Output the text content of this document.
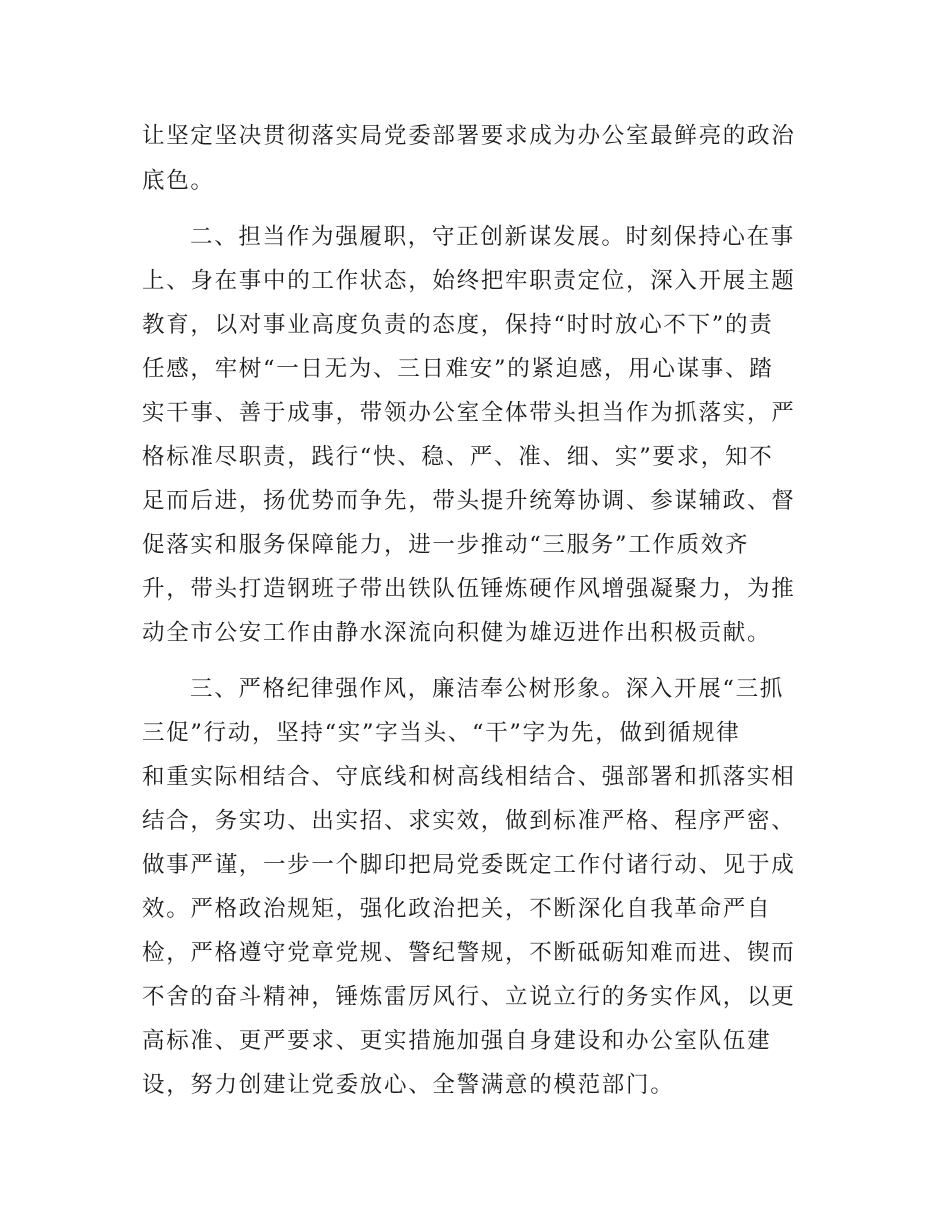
让坚定坚决贯彻落实局党委部署要求成为办公室最鲜亮的政治
底色。
二、担当作为强履职，守正创新谋发展。时刻保持心在事
上、身在事中的工作状态，始终把牢职责定位，深入开展主题
教育，以对事业高度负责的态度，保持“时时放心不下”的责
任感，牢树“一日无为、三日难安”的紧迫感，用心谋事、踏
实干事、善于成事，带领办公室全体带头担当作为抓落实，严
格标准尽职责，践行“快、稳、严、准、细、实”要求，知不
足而后进，扬优势而争先，带头提升统筹协调、参谋辅政、督
促落实和服务保障能力，进一步推动“三服务”工作质效齐
升，带头打造钢班子带出铁队伍锤炼硬作风增强凝聚力，为推
动全市公安工作由静水深流向积健为雄迈进作出积极贡献。
三、严格纪律强作风，廉洁奉公树形象。深入开展“三抓
三促”行动，坚持“实”字当头、“干”字为先，做到循规律
和重实际相结合、守底线和树高线相结合、强部署和抓落实相
结合，务实功、出实招、求实效，做到标准严格、程序严密、
做事严谨，一步一个脚印把局党委既定工作付诸行动、见于成
效。严格政治规矩，强化政治把关，不断深化自我革命严自
检，严格遵守党章党规、警纪警规，不断砥砺知难而进、锲而
不舍的奋斗精神，锤炼雷厉风行、立说立行的务实作风，以更
高标准、更严要求、更实措施加强自身建设和办公室队伍建
设，努力创建让党委放心、全警满意的模范部门。
